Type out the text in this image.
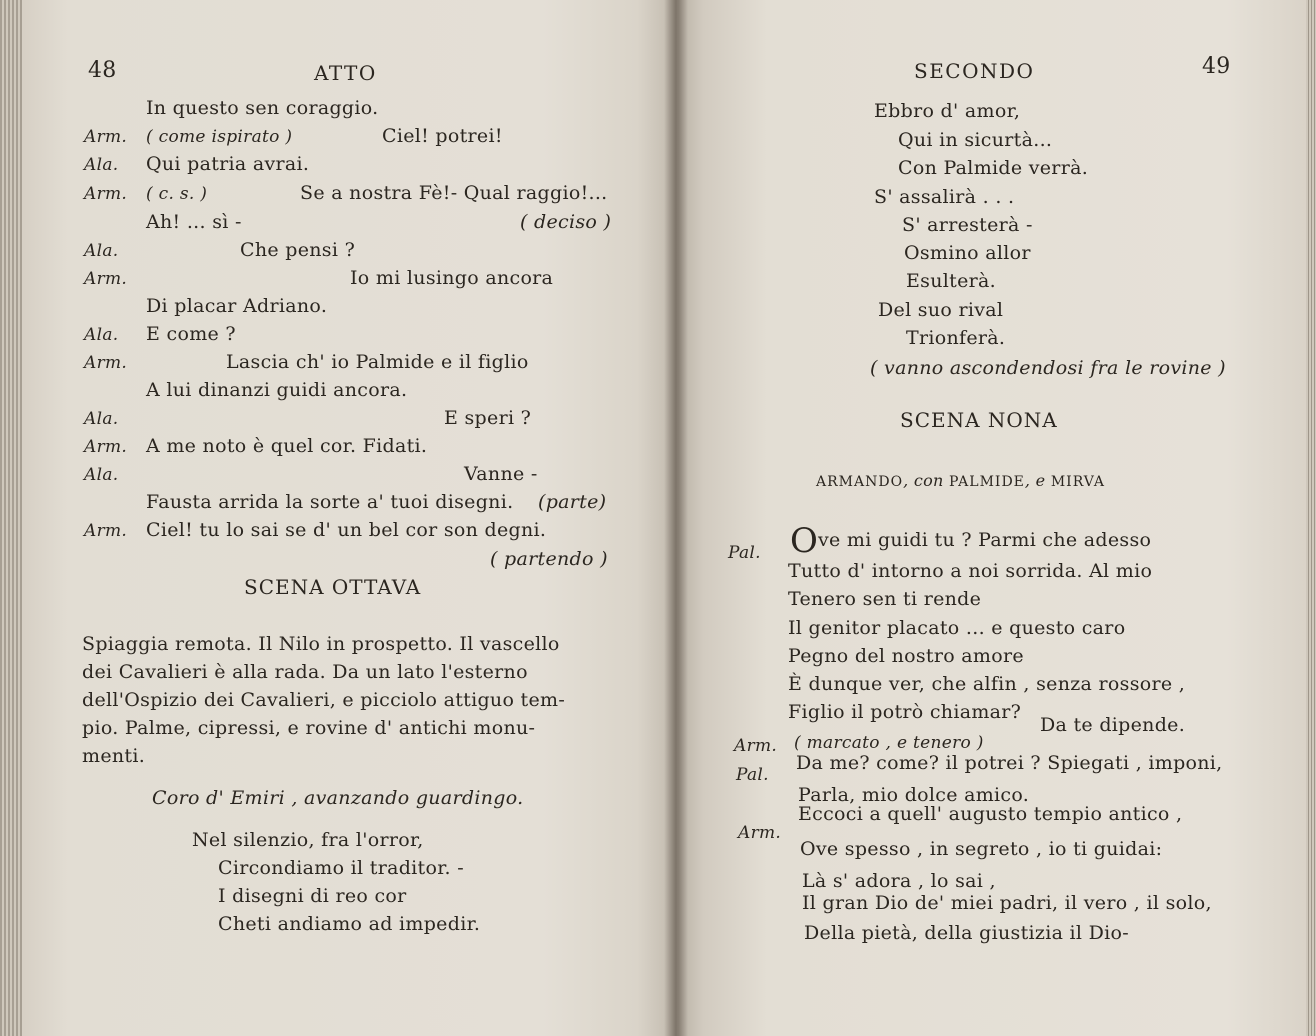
48	ATTO
In questo sen coraggio.
Arm. ( come ispirato )	Ciel! potrei!
Ala. Qui patria avrai.
Arm. ( c. s. )	Se a nostra Fè!- Qual raggio!...
Ah! ... sì -	( deciso )
Ala.	Che pensi ?
Arm.	Io mi lusingo ancora
Di placar Adriano.
Ala. E come ?
Arm.	Lascia ch' io Palmide e il figlio
A lui dinanzi guidi ancora.
Ala.	E speri ?
Arm. A me noto è quel cor. Fidati.
Ala.	Vanne -
Fausta arrida la sorte a' tuoi disegni. (parte)
Arm. Ciel! tu lo sai se d' un bel cor son degni.
( partendo )
SCENA OTTAVA
Spiaggia remota. Il Nilo in prospetto. Il vascello
dei Cavalieri è alla rada. Da un lato l'esterno
dell'Ospizio dei Cavalieri, e picciolo attiguo tem-
pio. Palme, cipressi, e rovine d' antichi monu-
menti.
Coro d' Emiri , avanzando guardingo.
Nel silenzio, fra l'orror,
Circondiamo il traditor. -
I disegni di reo cor
Cheti andiamo ad impedir.
SECONDO	49
Ebbro d' amor,
Qui in sicurtà...
Con Palmide verrà.
S' assalirà . . .
S' arresterà -
Osmino allor
Esulterà.
Del suo rival
Trionferà.
( vanno ascondendosi fra le rovine )
SCENA NONA
ARMANDO, con PALMIDE, e MIRVA
Pal. O ve mi guidi tu ? Parmi che adesso
Tutto d' intorno a noi sorrida. Al mio
Tenero sen ti rende
Il genitor placato ... e questo caro
Pegno del nostro amore
È dunque ver, che alfin , senza rossore ,
Figlio il potrò chiamar?
Arm. ( marcato , e tenero )
Da te dipende.
Pal.
Da me? come? il potrei ? Spiegati , imponi,
Parla, mio dolce amico.
Arm.
Eccoci a quell' augusto tempio antico ,
Ove spesso , in segreto , io ti guidai:
Là s' adora , lo sai ,
Il gran Dio de' miei padri, il vero , il solo,
Della pietà, della giustizia il Dio-
